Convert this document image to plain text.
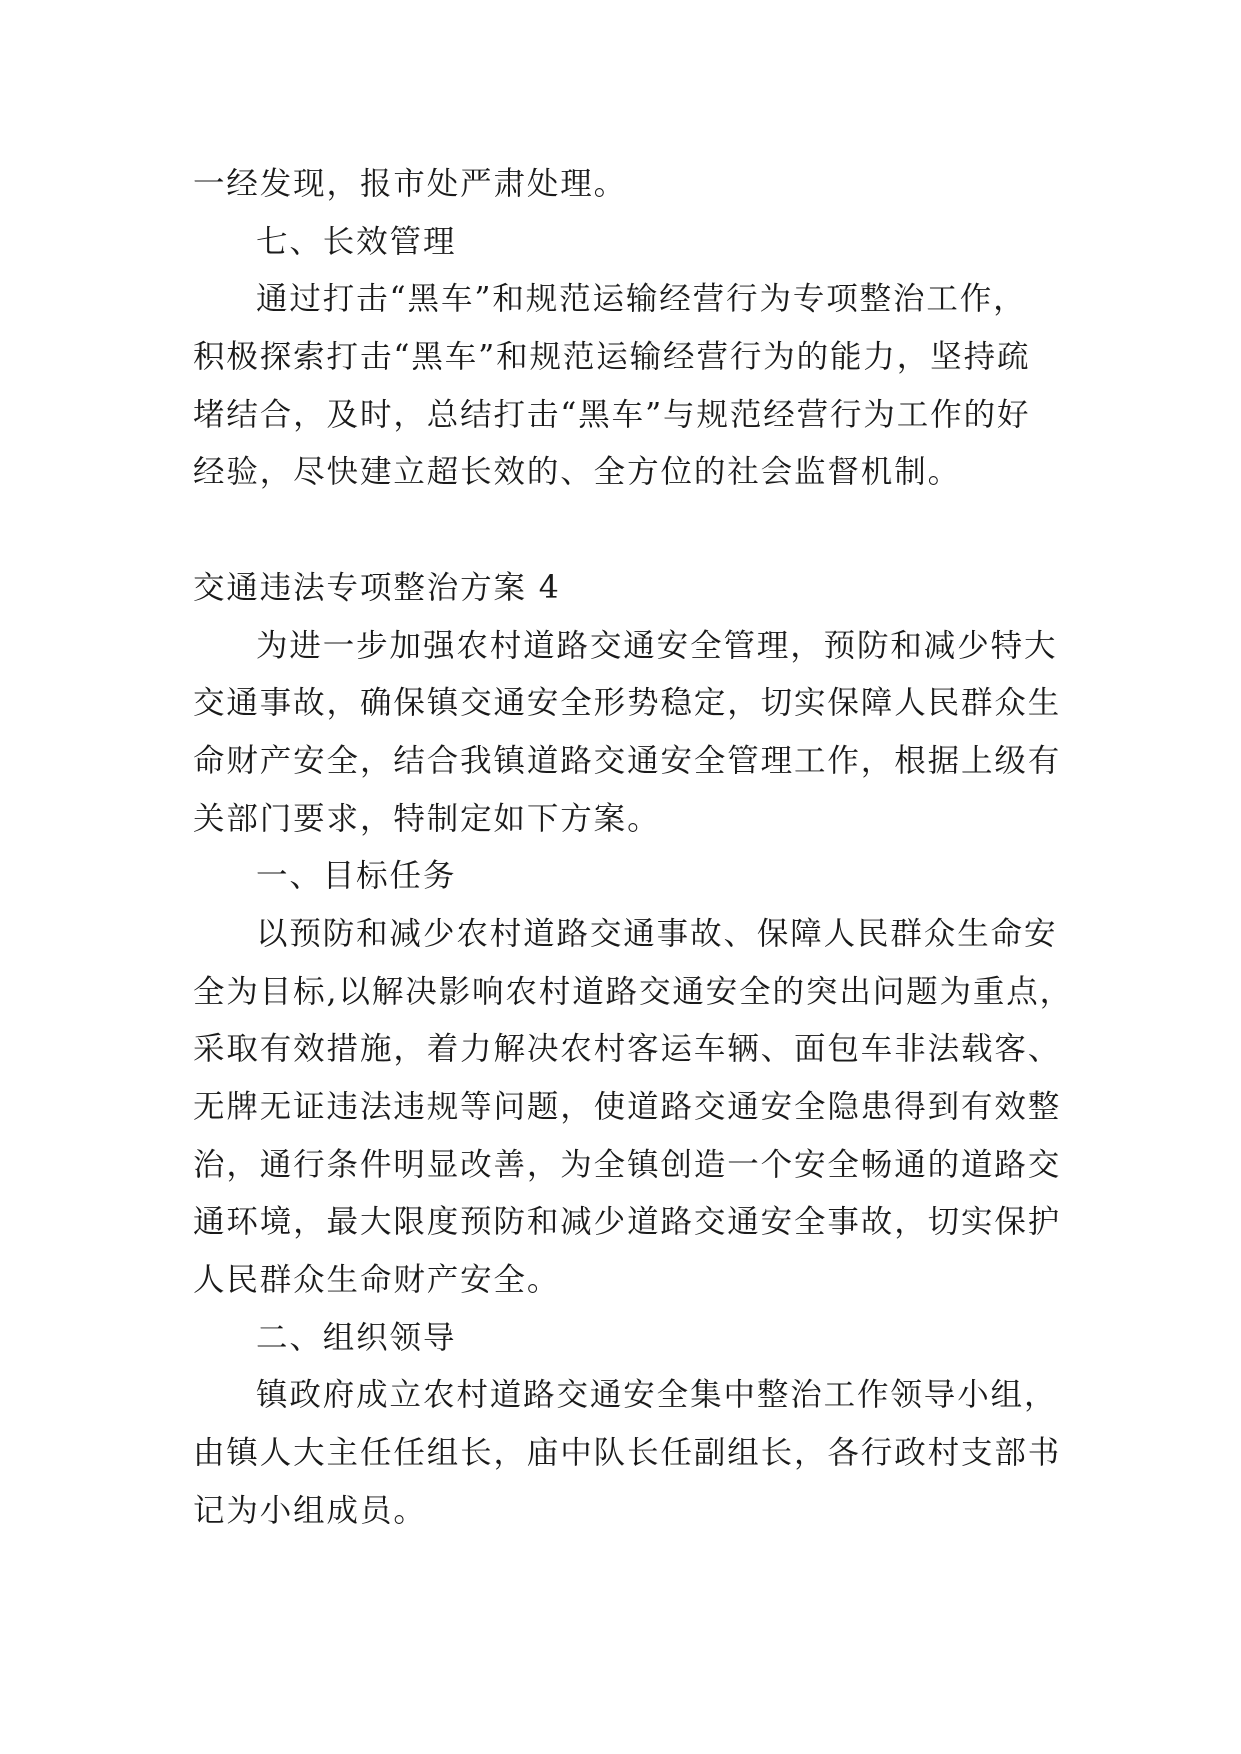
一经发现，报市处严肃处理。
七、长效管理
通过打击“黑车”和规范运输经营行为专项整治工作，
积极探索打击“黑车”和规范运输经营行为的能力，坚持疏
堵结合，及时，总结打击“黑车”与规范经营行为工作的好
经验，尽快建立超长效的、全方位的社会监督机制。
交通违法专项整治方案 4
为进一步加强农村道路交通安全管理，预防和减少特大
交通事故，确保镇交通安全形势稳定，切实保障人民群众生
命财产安全，结合我镇道路交通安全管理工作，根据上级有
关部门要求，特制定如下方案。
一、目标任务
以预防和减少农村道路交通事故、保障人民群众生命安
全为目标,以解决影响农村道路交通安全的突出问题为重点，
采取有效措施，着力解决农村客运车辆、面包车非法载客、
无牌无证违法违规等问题，使道路交通安全隐患得到有效整
治，通行条件明显改善，为全镇创造一个安全畅通的道路交
通环境，最大限度预防和减少道路交通安全事故，切实保护
人民群众生命财产安全。
二、组织领导
镇政府成立农村道路交通安全集中整治工作领导小组，
由镇人大主任任组长，庙中队长任副组长，各行政村支部书
记为小组成员。
